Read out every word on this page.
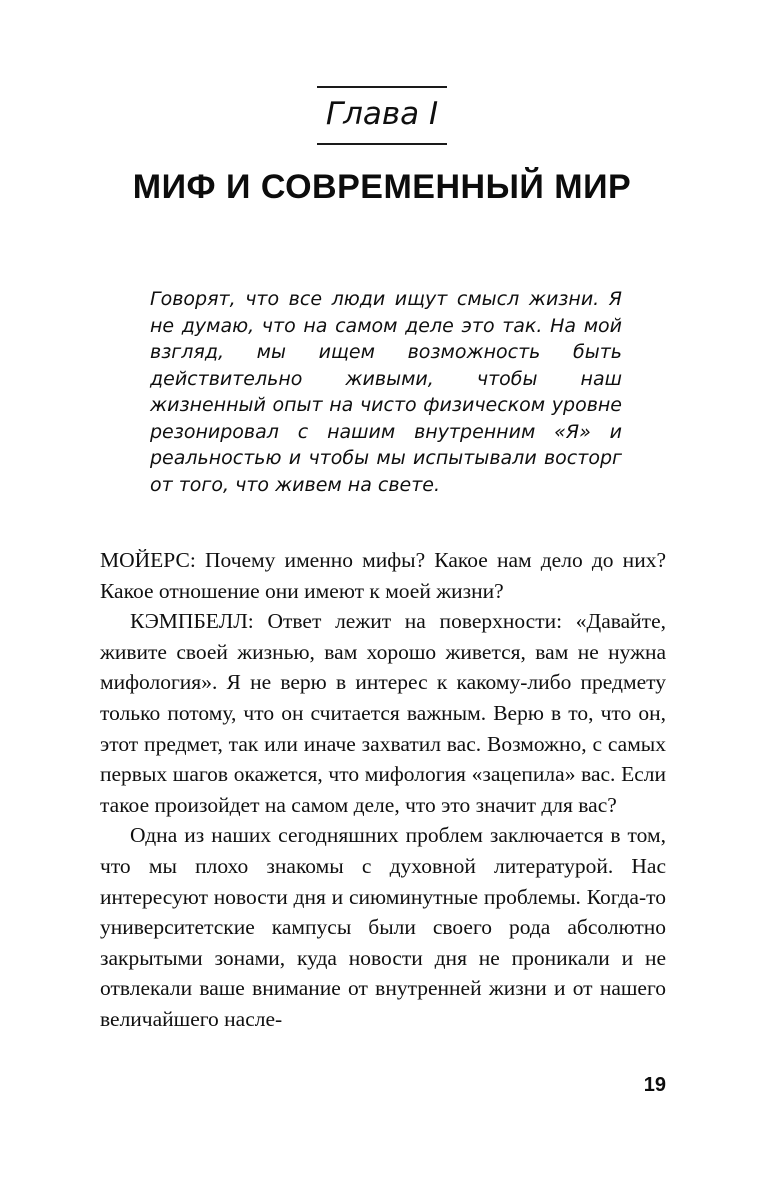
Глава I
МИФ И СОВРЕМЕННЫЙ МИР
Говорят, что все люди ищут смысл жизни. Я не думаю, что на самом деле это так. На мой взгляд, мы ищем возможность быть действительно живыми, чтобы наш жизненный опыт на чисто физическом уровне резонировал с нашим внутренним «Я» и реальностью и чтобы мы испытывали восторг от того, что живем на свете.

МОЙЕРС: Почему именно мифы? Какое нам дело до них? Какое отношение они имеют к моей жизни?

КЭМПБЕЛЛ: Ответ лежит на поверхности: «Давайте, живите своей жизнью, вам хорошо живется, вам не нужна мифология». Я не верю в интерес к какому-либо предмету только потому, что он считается важным. Верю в то, что он, этот предмет, так или иначе захватил вас. Возможно, с самых первых шагов окажется, что мифология «зацепила» вас. Если такое произойдет на самом деле, что это значит для вас?

Одна из наших сегодняшних проблем заключается в том, что мы плохо знакомы с духовной литературой. Нас интересуют новости дня и сиюминутные проблемы. Когда-то университетские кампусы были своего рода абсолютно закрытыми зонами, куда новости дня не проникали и не отвлекали ваше внимание от внутренней жизни и от нашего величайшего насле-

19
